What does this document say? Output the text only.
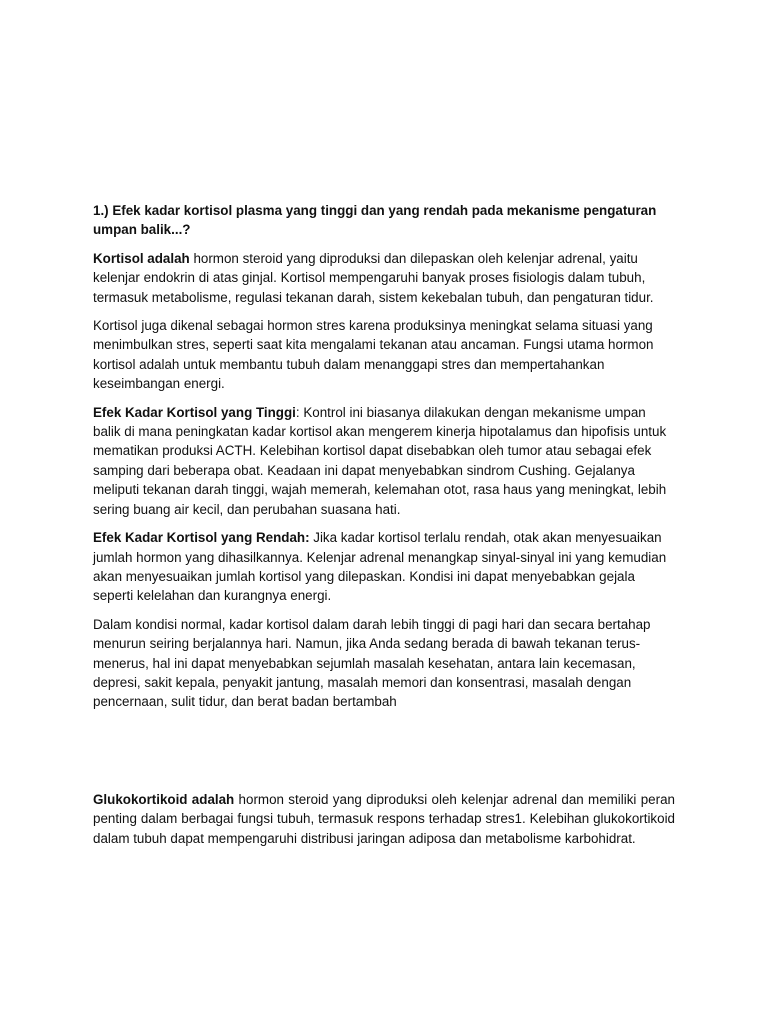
1.) Efek kadar kortisol plasma yang tinggi dan yang rendah pada mekanisme pengaturan umpan balik...?

Kortisol adalah hormon steroid yang diproduksi dan dilepaskan oleh kelenjar adrenal, yaitu kelenjar endokrin di atas ginjal. Kortisol mempengaruhi banyak proses fisiologis dalam tubuh, termasuk metabolisme, regulasi tekanan darah, sistem kekebalan tubuh, dan pengaturan tidur.

Kortisol juga dikenal sebagai hormon stres karena produksinya meningkat selama situasi yang menimbulkan stres, seperti saat kita mengalami tekanan atau ancaman. Fungsi utama hormon kortisol adalah untuk membantu tubuh dalam menanggapi stres dan mempertahankan keseimbangan energi.

Efek Kadar Kortisol yang Tinggi: Kontrol ini biasanya dilakukan dengan mekanisme umpan balik di mana peningkatan kadar kortisol akan mengerem kinerja hipotalamus dan hipofisis untuk mematikan produksi ACTH. Kelebihan kortisol dapat disebabkan oleh tumor atau sebagai efek samping dari beberapa obat. Keadaan ini dapat menyebabkan sindrom Cushing. Gejalanya meliputi tekanan darah tinggi, wajah memerah, kelemahan otot, rasa haus yang meningkat, lebih sering buang air kecil, dan perubahan suasana hati.

Efek Kadar Kortisol yang Rendah: Jika kadar kortisol terlalu rendah, otak akan menyesuaikan jumlah hormon yang dihasilkannya. Kelenjar adrenal menangkap sinyal-sinyal ini yang kemudian akan menyesuaikan jumlah kortisol yang dilepaskan. Kondisi ini dapat menyebabkan gejala seperti kelelahan dan kurangnya energi.

Dalam kondisi normal, kadar kortisol dalam darah lebih tinggi di pagi hari dan secara bertahap menurun seiring berjalannya hari. Namun, jika Anda sedang berada di bawah tekanan terus-menerus, hal ini dapat menyebabkan sejumlah masalah kesehatan, antara lain kecemasan, depresi, sakit kepala, penyakit jantung, masalah memori dan konsentrasi, masalah dengan pencernaan, sulit tidur, dan berat badan bertambah

Glukokortikoid adalah hormon steroid yang diproduksi oleh kelenjar adrenal dan memiliki peran penting dalam berbagai fungsi tubuh, termasuk respons terhadap stres1. Kelebihan glukokortikoid dalam tubuh dapat mempengaruhi distribusi jaringan adiposa dan metabolisme karbohidrat.
